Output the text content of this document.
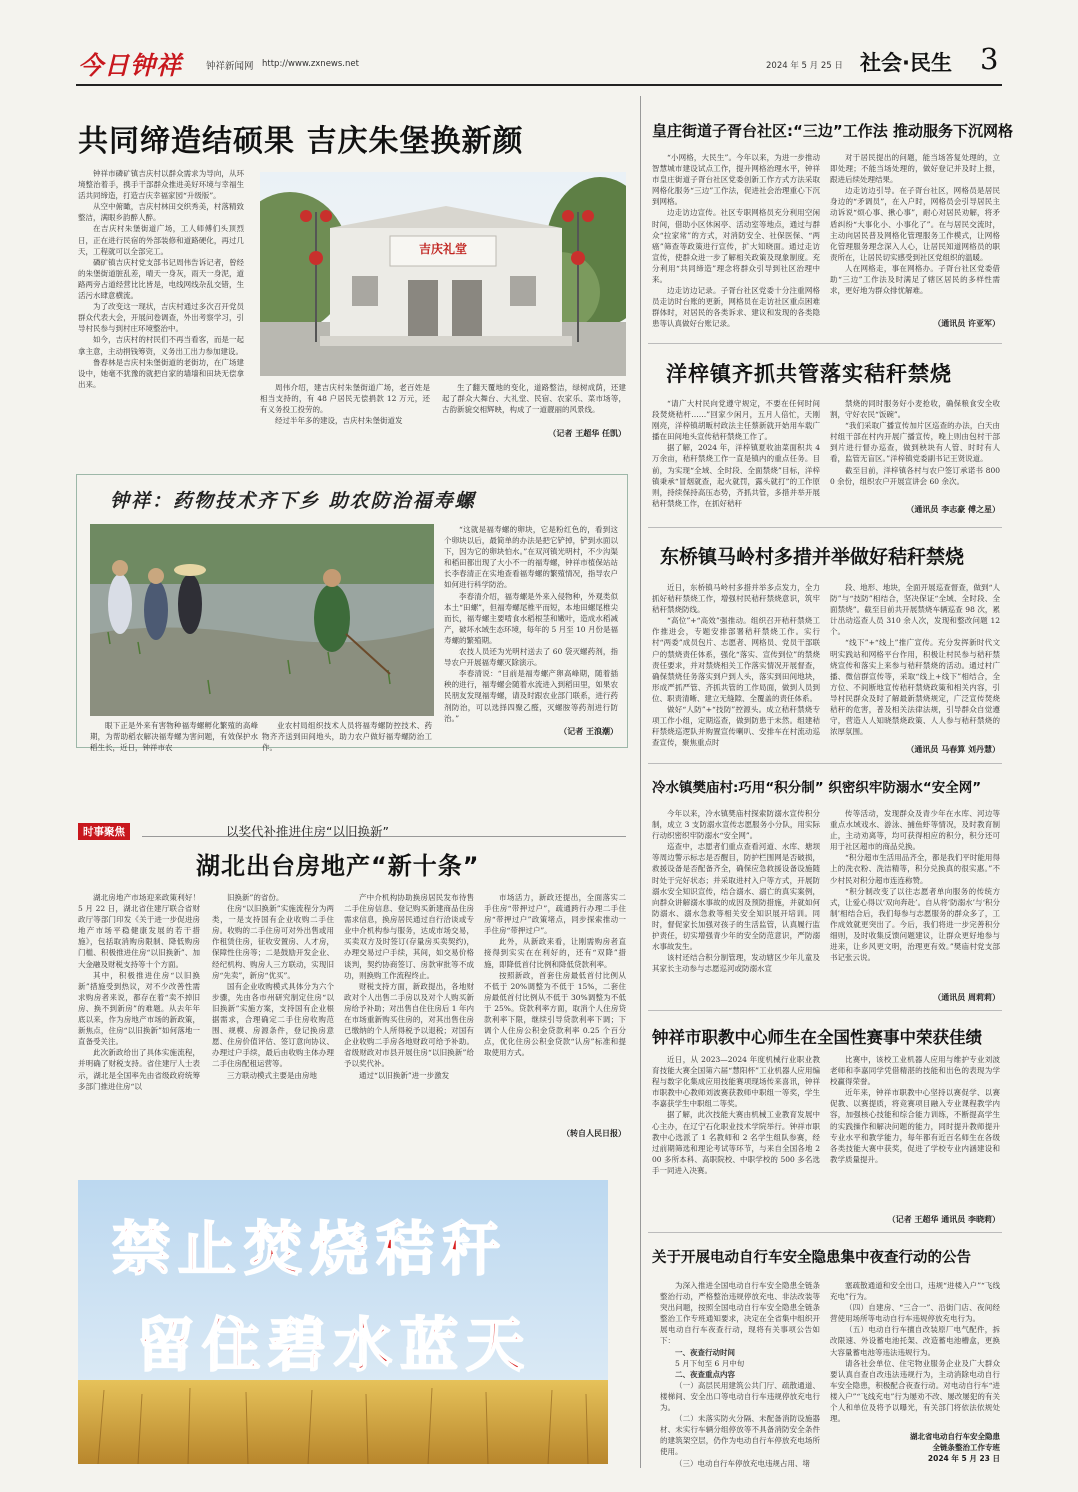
今日钟祥	钟祥新闻网 http://www.zxnews.net	2024 年 5 月 25 日 社会·民生 3
共同缔造结硕果 吉庆朱堡换新颜

钟祥市磷矿镇吉庆村以群众需求为导向，从环境整治着手，携手干部群众推进美好环境与幸福生活共同缔造，打造吉庆幸福家园“升级版”。

从空中俯瞰，吉庆村林田交织秀美，村落精致整洁，满眼乡韵醉人醉。

在吉庆村朱堡街道广场，工人师傅们头顶烈日，正在进行民宿的外部装修和道路硬化，再过几天，工程就可以全部完工。

磷矿镇吉庆村党支部书记周伟告诉记者，曾经的朱堡街道脏乱差，晴天一身灰，雨天一身泥，道路两旁占道经营比比皆是，电线网线杂乱交错，生活污水肆意横流。

为了改变这一现状，吉庆村通过多次召开党员群众代表大会，开展问卷调查，外出考察学习，引导村民参与到村庄环境整治中。

如今，吉庆村的村民们不再当看客，而是一起拿主意，主动捐钱筹资，义务出工出力参加建设。

鲁春林是吉庆村朱堡街道的老街坊，在广场建设中，她毫不犹豫的就把自家的墙墙和田块无偿拿出来。

吉庆礼堂

周伟介绍，建吉庆村朱堡街道广场，老百姓是相当支持的，有 48 户居民无偿捐款 12 万元，还有义务投工投劳的。

经过半年多的建设，吉庆村朱堡街道发

生了翻天覆地的变化，道路整洁，绿树成荫，还建起了群众大舞台、大礼堂、民宿、农家乐、菜市场等，古韵新貌交相辉映，构成了一道靓丽的风景线。

（记者 王超华 任凯）
钟祥：药物技术齐下乡 助农防治福寿螺

眼下正是外来有害物种福寿螺孵化繁殖的高峰期，为帮助稻农解决福寿螺为害问题，有效保护水稻生长，近日，钟祥市农

业农村局组织技术人员将福寿螺防控技术、药物齐齐送到田间地头，助力农户做好福寿螺防治工作。

“这就是福寿螺的卵块，它是粉红色的，看到这个卵块以后，最简单的办法是把它铲掉，铲到水面以下，因为它的卵块怕水。”在双河镇光明村，不少沟渠和稻田都出现了大小不一的福寿螺，钟祥市植保站站长李春清正在实地查看福寿螺的繁殖情况，指导农户如何进行科学防治。

李春清介绍，福寿螺是外来入侵物种，外观类似本土“田螺”，但福寿螺尾椎平而短，本地田螺尾椎尖而长，福寿螺主要啃食水稻根茎和嫩叶，造成水稻减产，破坏水域生态环境，每年的 5 月至 10 月份是福寿螺的繁殖期。

农技人员还为光明村送去了 60 袋灭螺药剂，指导农户开展福寿螺灭除演示。

李春清说：“目前是福寿螺产卵高峰期，随着插秧的进行，福寿螺会随着水流进入到稻田里，如果农民朋友发现福寿螺，请及时跟农业部门联系，进行药剂防治，可以选择四聚乙醛，灭螺胺等药剂进行防治。”

（记者 王浪潮）
时事聚焦	以奖代补推进住房“以旧换新”
湖北出台房地产“新十条”

湖北房地产市场迎来政策利好！5 月 22 日，湖北省住建厅联合省财政厅等部门印发《关于进一步促进房地产市场平稳健康发展的若干措施》，包括取消购房限制、降低购房门槛、积极推进住房“以旧换新”、加大金融及财税支持等十个方面。

其中，积极推进住房“以旧换新”措施受到热议，对不少改善性需求购房者来说，都存在着“卖不掉旧房、换不到新房”的难题。从去年年底以来，作为房地产市场的新政策，新焦点，住房“以旧换新”如何落地一直备受关注。

此次新政给出了具体实施流程，并明确了财税支持。省住建厅人士表示，湖北是全国率先由省级政府统筹多部门推进住房“以

旧换新”的省份。

住房“以旧换新”实施流程分为两类，一是支持国有企业收购二手住房。收购的二手住房可对外出售或用作租赁住房，征收安置房、人才房，保障性住房等；二是鼓励开发企业、经纪机构、购房人三方联动，实现旧房“先卖”，新房“优买”。

国有企业收购模式具体分为六个步骤，先由各市州研究制定住房“以旧换新”实施方案，支持国有企业根据需求，合理确定二手住房收购范围、规模、房源条件，登记换房意愿、住房价值评估、签订意向协议、办理过户手续，最后由收购主体办理二手住房配租运营等。

三方联动模式主要是由房地

产中介机构协助换房居民发布待售二手住房信息、登记购买新建商品住房需求信息，换房居民通过自行洽谈或专业中介机构参与服务，达成市场交易，买卖双方及时签订(存量房买卖契约)，办理交易过户手续，其间，如交易价格谈判，契约协商签订、房款审批等不成功，则换购工作流程终止。

财税支持方面，新政提出，各地财政对个人出售二手房以及对个人购买新房给予补助；对出售自住住房后 1 年内在市场重新购买住房的，对其出售住房已缴纳的个人所得税予以退税；对国有企业收购二手房各地财政可给予补助。省级财政对市县开展住房“以旧换新”给予以奖代补。

通过“以旧换新”进一步激发

市场活力，新政还提出，全面落实二手住房“带押过户”，疏通跨行办理二手住房“带押过户”政策堵点，同步探索推动一手住房“带押过户”。

此外，从新政来看，让刚需购房者直接得到实实在在利好的，还有“双降”措施，即降低首付比例和降低贷款利率。

按照新政，首套住房最低首付比例从不低于 20%调整为不低于 15%，二套住房最低首付比例从不低于 30%调整为不低于 25%。贷款利率方面，取消个人住房贷款利率下限，继续引导贷款利率下调；下调个人住房公积金贷款利率 0.25 个百分点，优化住房公积金贷款“认房”标准和提取使用方式。

（转自人民日报）
禁止焚烧秸秆
留住碧水蓝天
皇庄街道子胥台社区:“三边”工作法 推动服务下沉网格

“小网格，大民生”。今年以来，为进一步推动智慧城市建设试点工作，提升网格治理水平，钟祥市皇庄街道子胥台社区党委创新工作方式方法采取网格化服务“三边”工作法，促进社会治理重心下沉到网格。

边走访边宣传。社区专职网格员充分利用空闲时间，借助小区休闲亭、活动室等地点，通过与群众“拉家常”的方式，对消防安全、社保医保、“两癌”筛查等政策进行宣传，扩大知晓面。通过走访宣传，使群众进一步了解相关政策及现象制度。充分利用“共同缔造”理念将群众引导到社区治理中来。

边走访边记录。子胥台社区党委十分注重网格员走访时台账的更新，网格员在走访社区重点困难群体时，对居民的各类诉求、建议和发现的各类隐患等认真做好台账记录。

对于居民提出的问题，能当场答复处理的，立即处理；不能当场处理的，做好登记并及时上报，跟进后续处理结果。

边走访边引导。在子胥台社区，网格员是居民身边的“矛调员”，在入户时，网格员会引导居民主动诉说“烦心事、揪心事”，耐心对居民劝解，将矛盾纠纷“大事化小、小事化了”。在与居民交流时，主动向居民普及网格化管理服务工作模式，让网格化管理服务理念深入人心，让居民知道网格员的职责所在，让居民切实感受到社区党组织的温暖。

人在网格走，事在网格办。子胥台社区党委借助“三边”工作法及时满足了辖区居民的多样性需求，更好地为群众排忧解难。

（通讯员 许亚军）
洋梓镇齐抓共管落实秸秆禁烧

“请广大村民向党遵守规定，不要在任何时间段焚烧秸杆……”回家少闲月，五月人倍忙，天刚刚亮，洋梓镇胡畈村政法主任蔡新就开始用车载广播在田间地头宣传秸秆禁烧工作了。

据了解，2024 年，洋梓镇夏收油菜面积共 4 万余亩，秸秆禁烧工作一直是镇内的重点任务。目前，为实现“全域、全时段、全面禁烧”目标，洋梓镇秉承“冒烟就查，起火就罚，露头就打”的工作原则，持续保持高压态势，齐抓共管，多措并举开展秸秆禁烧工作，在抓好秸秆

禁烧的同时服务好小麦抢收，确保粮食安全收割，守好农民“饭碗”。

“我们采取广播宣传加片区巡查的办法，白天由村组干部在村内开展广播宣传，晚上则由包村干部到片进行督办巡查，做到秧块有人管、时时有人看，监管无盲区。”洋梓镇党委副书记王贤说道。

截至目前，洋梓镇各村与农户签订承诺书 8000 余份，组织农户开展宣讲会 60 余次。

（通讯员 李志豪 傅之星）
东桥镇马岭村多措并举做好秸秆禁烧

近日，东桥镇马岭村多措并举多点发力，全力抓好秸秆禁烧工作，增强村民秸秆禁烧意识，筑牢秸秆禁烧防线。

“高位”+“高效”强推动。组织召开秸秆禁烧工作推进会，专题安排部署秸秆禁烧工作。实行村“两委”成员包片、志愿者、网格员、党员干部联户的禁烧责任体系，强化“落实、宣传到位”的禁烧责任要求，并对禁烧相关工作落实情况开展督查，确保禁烧任务落实到户到人头，落实到田间地块，形成严抓严管、齐抓共管的工作局面，做到人员到位、职责清晰、建立无缝隙、全覆盖的责任体系。

做好“人防”+“技防”控源头。成立秸秆禁烧专项工作小组，定期巡查，做到防患于未然。组建秸秆禁烧巡逻队并购置宣传喇叭、安排车在村流动巡查宣传，聚焦重点时

段、地形、地块，全面开展巡查督查，做到“人防”与“技防”相结合，坚决保证“全域、全时段、全面禁烧”。截至目前共开展禁烧车辆巡查 98 次，累计出动巡查人员 310 余人次，发现和整改问题 12 个。

“线下”+“线上”推广宣传。充分发挥新时代文明实践站和网格平台作用，积极让村民参与秸秆禁烧宣传和落实上来参与秸秆禁烧的活动。通过村广播、微信群宣传等，采取“线上+线下”相结合，全方位、不间断地宣传秸秆禁烧政策和相关内容，引导村民群众及时了解最新禁烧规定，广泛宣传焚烧秸秆的危害，普及相关法律法规，引导群众自觉遵守，营造人人知晓禁烧政策、人人参与秸秆禁烧的浓厚氛围。

（通讯员 马春算 刘丹慧）
冷水镇樊庙村:巧用“积分制” 织密织牢防溺水“安全网”

今年以来，冷水镇樊庙村探索防溺水宣传积分制，成立 3 支防溺水宣传志愿服务小分队，用实际行动织密织牢防溺水“安全网”。

巡查中，志愿者们重点查看河道、水库、塘坝等周边警示标志是否醒目，防护栏围网是否破损，救援设备是否配备齐全，确保应急救援设备设施随时处于完好状态；并采取进村入户等方式，开展防溺水安全知识宣传，结合溺水、溺亡的真实案例，向群众讲解溺水事故的成因及预防措施，并就如何防溺水、溺水急救等相关安全知识展开培训。同时，督促家长加强对孩子的生活监管，认真履行监护责任，切实增强青少年的安全防范意识，严防溺水事故发生。

该村还结合积分制管理，发动辖区少年儿童及其家长主动参与志愿巡河或防溺水宣

传等活动，发现群众及青少年在水库、河边等重点水域戏水、游泳、捕鱼虾等情况，及时教育制止，主动劝离等，均可获得相应的积分，积分还可用于社区超市的商品兑换。

“积分超市生活用品齐全，都是我们平时能用得上的洗衣粉、洗洁精等，积分兑换真的很实惠。”不少村民对积分超市连连称赞。

“积分制改变了以往志愿者单向服务的传统方式，让爱心得以‘双向奔赴’。自从将‘防溺水’与‘积分制’相结合后，我们每参与志愿服务的群众多了，工作成效就更突出了。今后，我们将进一步完善积分细则，及时收集反馈问题建议，让群众更好地参与进来，让乡风更文明，治理更有效。”樊庙村党支部书记张云说。

（通讯员 周莉莉）
钟祥市职教中心师生在全国性赛事中荣获佳绩

近日，从 2023—2024 年度机械行业职业教育技能大赛全国第六届“慧阳杯”工业机器人应用编程与数字化集成应用技能赛项现场传来喜讯，钟祥市职教中心教师刘波赛获教师中职组一等奖，学生李嘉获学生中职组二等奖。

据了解，此次技能大赛由机械工业教育发展中心主办，在辽宁石化职业技术学院举行。钟祥市职教中心选派了 1 名教师和 2 名学生组队参赛，经过前期筛选和理论考试等环节，与来自全国各地 200 多所本科、高职院校、中职学校的 500 多名选手一同进入决赛。

比赛中，该校工业机器人应用与维护专业刘波老师和李嘉同学凭借精湛的技能和出色的表现为学校赢得荣誉。

近年来，钟祥市职教中心坚持以赛促学、以赛促教、以赛提质，将竞赛项目融入专业课程教学内容，加强核心技能和综合能力训练，不断提高学生的实践操作和解决问题的能力，同时提升教师提升专业水平和教学能力，每年都有近百名师生在各级各类技能大赛中获奖，促进了学校专业内涵建设和教学质量提升。

（记者 王超华 通讯员 李晓莉）
关于开展电动自行车安全隐患集中夜查行动的公告

为深入推进全国电动自行车安全隐患全链条整治行动，严格整治违规停放充电、非法改装等突出问题，按照全国电动自行车安全隐患全链条整治工作专班通知要求，决定在全省集中组织开展电动自行车夜查行动，现将有关事项公告如下：

一、夜查行动时间
5 月下旬至 6 月中旬
二、夜查重点内容

（一）高层民用建筑公共门厅、疏散通道、楼梯间、安全出口等电动自行车违规停放充电行为。

（二）未落实防火分隔、未配备消防设施器材、未实行车辆分组停放等不具备消防安全条件的建筑架空层，仍作为电动自行车停放充电场所使用。

（三）电动自行车停放充电违规占用、堵

塞疏散通道和安全出口，违规“进楼入户”“飞线充电”行为。

（四）自建房、“三合一”、沿街门店、夜间经营使用场所等电动自行车违规停放充电行为。

（五）电动自行车擅自改装原厂电气配件，拆改限速、外设蓄电池托架、改造蓄电池槽盒，更换大容量蓄电池等违法违规行为。

请各社会单位、住宅物业服务企业及广大群众要认真自查自改违法违规行为，主动消除电动自行车安全隐患，积极配合夜查行动。对电动自行车“进楼入户”“飞线充电”行为屡劝不改、屡改屡犯的有关个人和单位及将予以曝光，有关部门将依法依规处理。

湖北省电动自行车安全隐患
全链条整治工作专班
2024 年 5 月 23 日
